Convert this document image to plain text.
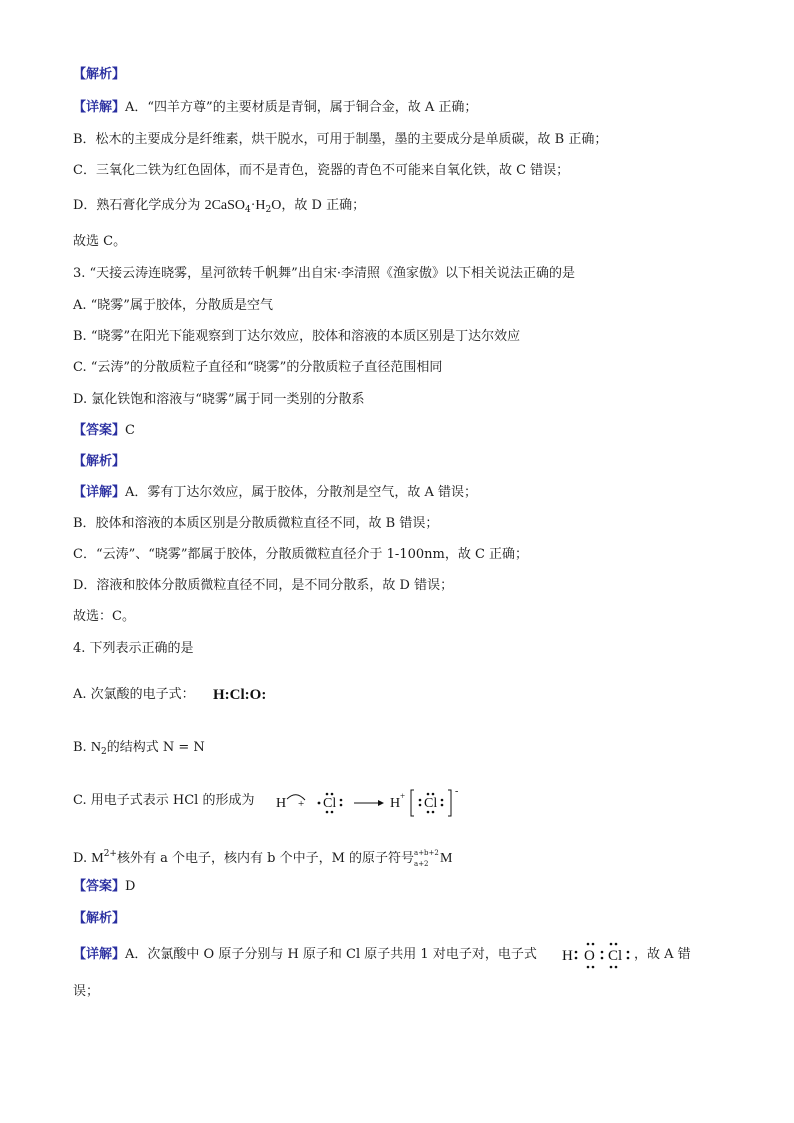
【解析】
【详解】A．“四羊方尊”的主要材质是青铜，属于铜合金，故 A 正确；
B．松木的主要成分是纤维素，烘干脱水，可用于制墨，墨的主要成分是单质碳，故 B 正确；
C．三氧化二铁为红色固体，而不是青色，瓷器的青色不可能来自氧化铁，故 C 错误；
D．熟石膏化学成分为 $2CaSO_4\cdot H_2O$，故 D 正确；
故选 C。
3. “天接云涛连晓雾，星河欲转千帆舞”出自宋·李清照《渔家傲》以下相关说法正确的是
A. “晓雾”属于胶体，分散质是空气
B. “晓雾”在阳光下能观察到丁达尔效应，胶体和溶液的本质区别是丁达尔效应
C. “云涛”的分散质粒子直径和“晓雾”的分散质粒子直径范围相同
D. 氯化铁饱和溶液与“晓雾”属于同一类别的分散系
【答案】C
【解析】
【详解】A．雾有丁达尔效应，属于胶体，分散剂是空气，故 A 错误；
B．胶体和溶液的本质区别是分散质微粒直径不同，故 B 错误；
C．“云涛”、“晓雾”都属于胶体，分散质微粒直径介于 1-100nm，故 C 正确；
D．溶液和胶体分散质微粒直径不同，是不同分散系，故 D 错误；
故选：C。
4. 下列表示正确的是
A. 次氯酸的电子式： H:Cl:O:
B. $N_2$的结构式 N = N
C. 用电子式表示 HCl 的形成为 H + Cl	H + Cl
-
D. $M^{2+}$核外有 a 个电子，核内有 b 个中子，M 的原子符号 a+b+2
a+2 M
【答案】D
【解析】
【详解】A．次氯酸中 O 原子分别与 H 原子和 Cl 原子共用 1 对电子对，电子式 H O Cl ，故 A 错
误；
